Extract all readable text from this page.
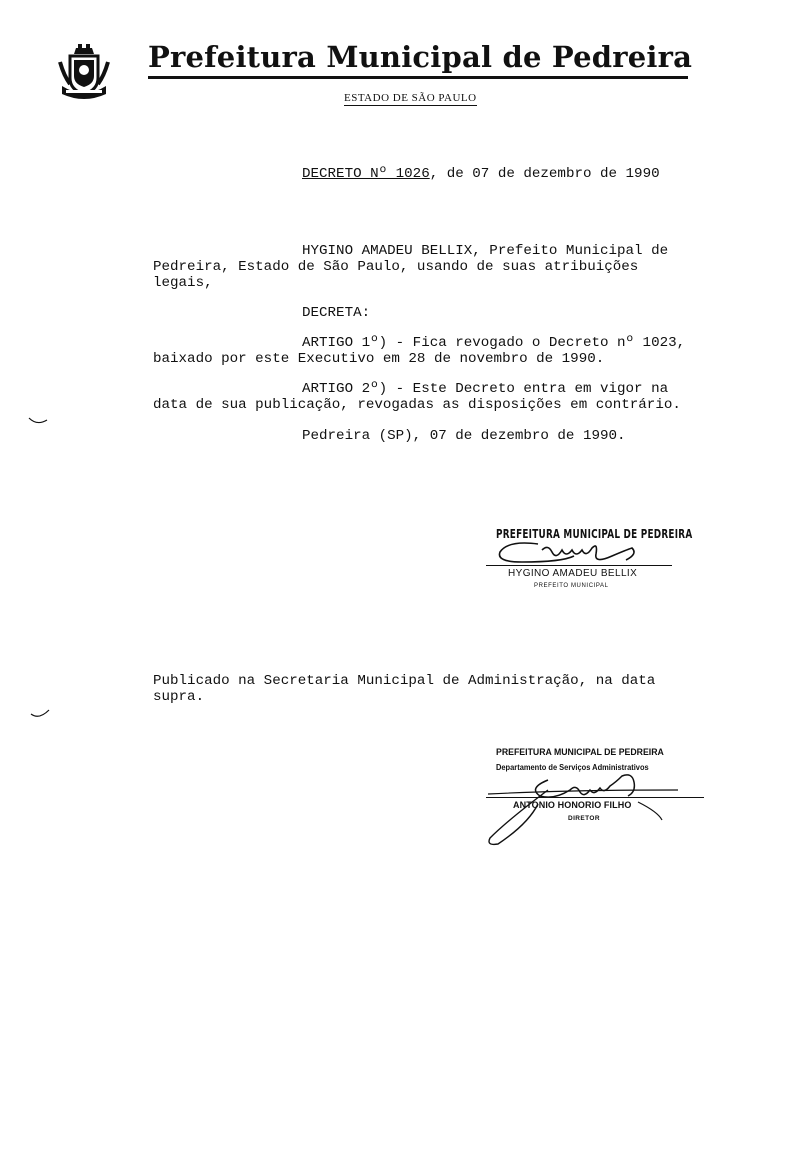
Prefeitura Municipal de Pedreira
ESTADO DE SÃO PAULO
DECRETO Nº 1026, de 07 de dezembro de 1990
HYGINO AMADEU BELLIX, Prefeito Municipal de
Pedreira, Estado de São Paulo, usando de suas atribuições
legais,
DECRETA:
ARTIGO 1º) - Fica revogado o Decreto nº 1023,
baixado por este Executivo em 28 de novembro de 1990.
ARTIGO 2º) - Este Decreto entra em vigor na
data de sua publicação, revogadas as disposições em contrário.
Pedreira (SP), 07 de dezembro de 1990.
PREFEITURA MUNICIPAL DE PEDREIRA
HYGINO AMADEU BELLIX
PREFEITO MUNICIPAL
Publicado na Secretaria Municipal de Administração, na data
supra.
PREFEITURA MUNICIPAL DE PEDREIRA
Departamento de Serviços Administrativos
ANTONIO HONORIO FILHO
DIRETOR
